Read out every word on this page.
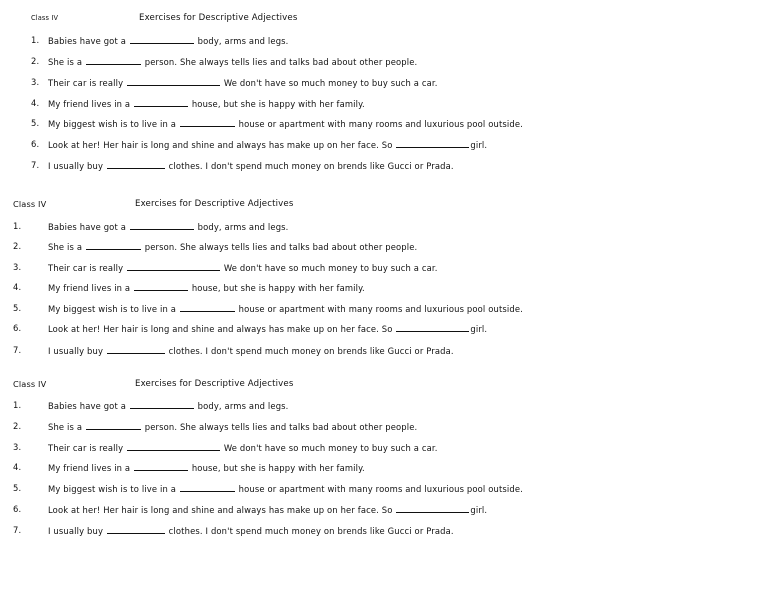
Class IV	Exercises for Descriptive Adjectives
1. Babies have got a	body, arms and legs.
2. She is a	person. She always tells lies and talks bad about other people.
3. Their car is really	We don't have so much money to buy such a car.
4. My friend lives in a	house, but she is happy with her family.
5. My biggest wish is to live in a	house or apartment with many rooms and luxurious pool outside.
6. Look at her! Her hair is long and shine and always has make up on her face. So	girl.
7. I usually buy	clothes. I don't spend much money on brends like Gucci or Prada.
Class IV	Exercises for Descriptive Adjectives
1.	Babies have got a	body, arms and legs.
2.	She is a	person. She always tells lies and talks bad about other people.
3.	Their car is really	We don't have so much money to buy such a car.
4.	My friend lives in a	house, but she is happy with her family.
5.	My biggest wish is to live in a	house or apartment with many rooms and luxurious pool outside.
6.	Look at her! Her hair is long and shine and always has make up on her face. So	girl.
7.	I usually buy	clothes. I don't spend much money on brends like Gucci or Prada.
Class IV	Exercises for Descriptive Adjectives
1.	Babies have got a	body, arms and legs.
2.	She is a	person. She always tells lies and talks bad about other people.
3.	Their car is really	We don't have so much money to buy such a car.
4.	My friend lives in a	house, but she is happy with her family.
5.	My biggest wish is to live in a	house or apartment with many rooms and luxurious pool outside.
6.	Look at her! Her hair is long and shine and always has make up on her face. So	girl.
7.	I usually buy	clothes. I don't spend much money on brends like Gucci or Prada.
